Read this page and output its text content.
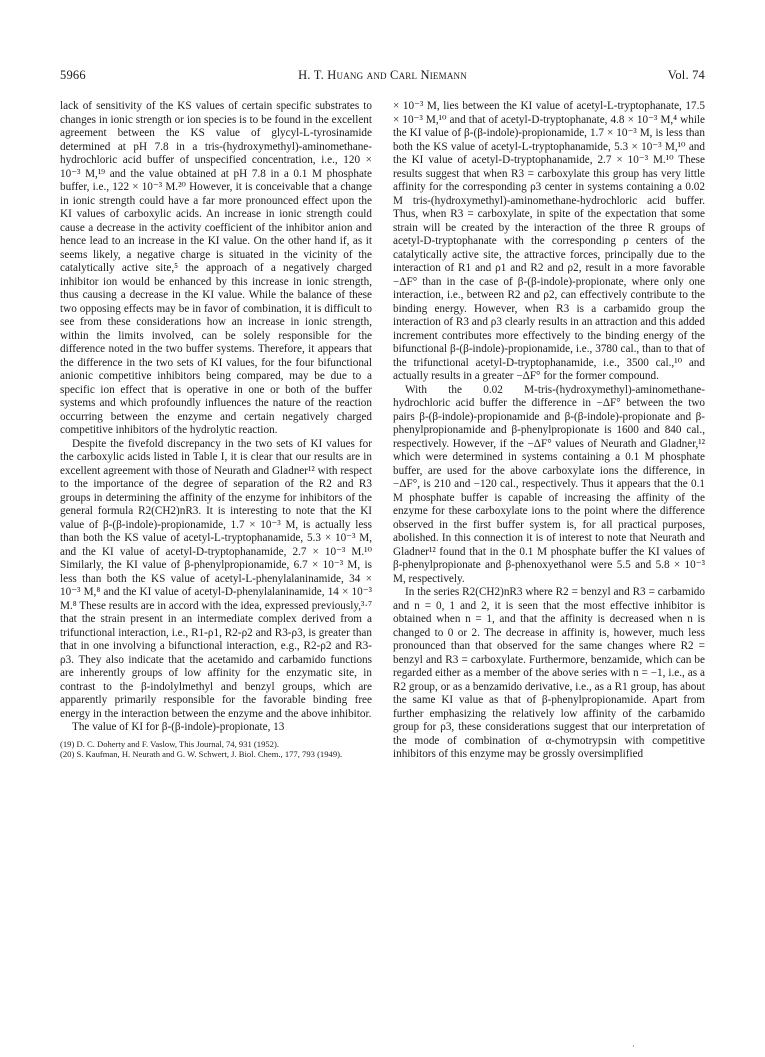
5966	H. T. Huang and Carl Niemann	Vol. 74

lack of sensitivity of the KS values of certain specific substrates to changes in ionic strength or ion species is to be found in the excellent agreement between the KS value of glycyl-L-tyrosinamide determined at pH 7.8 in a tris-(hydroxymethyl)-aminomethane-hydrochloric acid buffer of unspecified concentration, i.e., 120 × 10⁻³ M,¹⁹ and the value obtained at pH 7.8 in a 0.1 M phosphate buffer, i.e., 122 × 10⁻³ M.²⁰ However, it is conceivable that a change in ionic strength could have a far more pronounced effect upon the KI values of carboxylic acids. An increase in ionic strength could cause a decrease in the activity coefficient of the inhibitor anion and hence lead to an increase in the KI value. On the other hand if, as it seems likely, a negative charge is situated in the vicinity of the catalytically active site,⁵ the approach of a negatively charged inhibitor ion would be enhanced by this increase in ionic strength, thus causing a decrease in the KI value. While the balance of these two opposing effects may be in favor of combination, it is difficult to see from these considerations how an increase in ionic strength, within the limits involved, can be solely responsible for the difference noted in the two buffer systems. Therefore, it appears that the difference in the two sets of KI values, for the four bifunctional anionic competitive inhibitors being compared, may be due to a specific ion effect that is operative in one or both of the buffer systems and which profoundly influences the nature of the reaction occurring between the enzyme and certain negatively charged competitive inhibitors of the hydrolytic reaction.

Despite the fivefold discrepancy in the two sets of KI values for the carboxylic acids listed in Table I, it is clear that our results are in excellent agreement with those of Neurath and Gladner¹² with respect to the importance of the degree of separation of the R2 and R3 groups in determining the affinity of the enzyme for inhibitors of the general formula R2(CH2)nR3. It is interesting to note that the KI value of β-(β-indole)-propionamide, 1.7 × 10⁻³ M, is actually less than both the KS value of acetyl-L-tryptophanamide, 5.3 × 10⁻³ M, and the KI value of acetyl-D-tryptophanamide, 2.7 × 10⁻³ M.¹⁰ Similarly, the KI value of β-phenylpropionamide, 6.7 × 10⁻³ M, is less than both the KS value of acetyl-L-phenylalaninamide, 34 × 10⁻³ M,⁸ and the KI value of acetyl-D-phenylalaninamide, 14 × 10⁻³ M.⁸ These results are in accord with the idea, expressed previously,³·⁷ that the strain present in an intermediate complex derived from a trifunctional interaction, i.e., R1-ρ1, R2-ρ2 and R3-ρ3, is greater than that in one involving a bifunctional interaction, e.g., R2-ρ2 and R3-ρ3. They also indicate that the acetamido and carbamido functions are inherently groups of low affinity for the enzymatic site, in contrast to the β-indolylmethyl and benzyl groups, which are apparently primarily responsible for the favorable binding free energy in the interaction between the enzyme and the above inhibitor.

The value of KI for β-(β-indole)-propionate, 13

(19) D. C. Doherty and F. Vaslow, This Journal, 74, 931 (1952).
(20) S. Kaufman, H. Neurath and G. W. Schwert, J. Biol. Chem., 177, 793 (1949).

× 10⁻³ M, lies between the KI value of acetyl-L-tryptophanate, 17.5 × 10⁻³ M,¹⁰ and that of acetyl-D-tryptophanate, 4.8 × 10⁻³ M,⁴ while the KI value of β-(β-indole)-propionamide, 1.7 × 10⁻³ M, is less than both the KS value of acetyl-L-tryptophanamide, 5.3 × 10⁻³ M,¹⁰ and the KI value of acetyl-D-tryptophanamide, 2.7 × 10⁻³ M.¹⁰ These results suggest that when R3 = carboxylate this group has very little affinity for the corresponding ρ3 center in systems containing a 0.02 M tris-(hydroxymethyl)-aminomethane-hydrochloric acid buffer. Thus, when R3 = carboxylate, in spite of the expectation that some strain will be created by the interaction of the three R groups of acetyl-D-tryptophanate with the corresponding ρ centers of the catalytically active site, the attractive forces, principally due to the interaction of R1 and ρ1 and R2 and ρ2, result in a more favorable −ΔF° than in the case of β-(β-indole)-propionate, where only one interaction, i.e., between R2 and ρ2, can effectively contribute to the binding energy. However, when R3 is a carbamido group the interaction of R3 and ρ3 clearly results in an attraction and this added increment contributes more effectively to the binding energy of the bifunctional β-(β-indole)-propionamide, i.e., 3780 cal., than to that of the trifunctional acetyl-D-tryptophanamide, i.e., 3500 cal.,¹⁰ and actually results in a greater −ΔF° for the former compound.

With the 0.02 M-tris-(hydroxymethyl)-aminomethane-hydrochloric acid buffer the difference in −ΔF° between the two pairs β-(β-indole)-propionamide and β-(β-indole)-propionate and β-phenylpropionamide and β-phenylpropionate is 1600 and 840 cal., respectively. However, if the −ΔF° values of Neurath and Gladner,¹² which were determined in systems containing a 0.1 M phosphate buffer, are used for the above carboxylate ions the difference, in −ΔF°, is 210 and −120 cal., respectively. Thus it appears that the 0.1 M phosphate buffer is capable of increasing the affinity of the enzyme for these carboxylate ions to the point where the difference observed in the first buffer system is, for all practical purposes, abolished. In this connection it is of interest to note that Neurath and Gladner¹² found that in the 0.1 M phosphate buffer the KI values of β-phenylpropionate and β-phenoxyethanol were 5.5 and 5.8 × 10⁻³ M, respectively.

In the series R2(CH2)nR3 where R2 = benzyl and R3 = carbamido and n = 0, 1 and 2, it is seen that the most effective inhibitor is obtained when n = 1, and that the affinity is decreased when n is changed to 0 or 2. The decrease in affinity is, however, much less pronounced than that observed for the same changes where R2 = benzyl and R3 = carboxylate. Furthermore, benzamide, which can be regarded either as a member of the above series with n = −1, i.e., as a R2 group, or as a benzamido derivative, i.e., as a R1 group, has about the same KI value as that of β-phenylpropionamide. Apart from further emphasizing the relatively low affinity of the carbamido group for ρ3, these considerations suggest that our interpretation of the mode of combination of α-chymotrypsin with competitive inhibitors of this enzyme may be grossly oversimplified

·
